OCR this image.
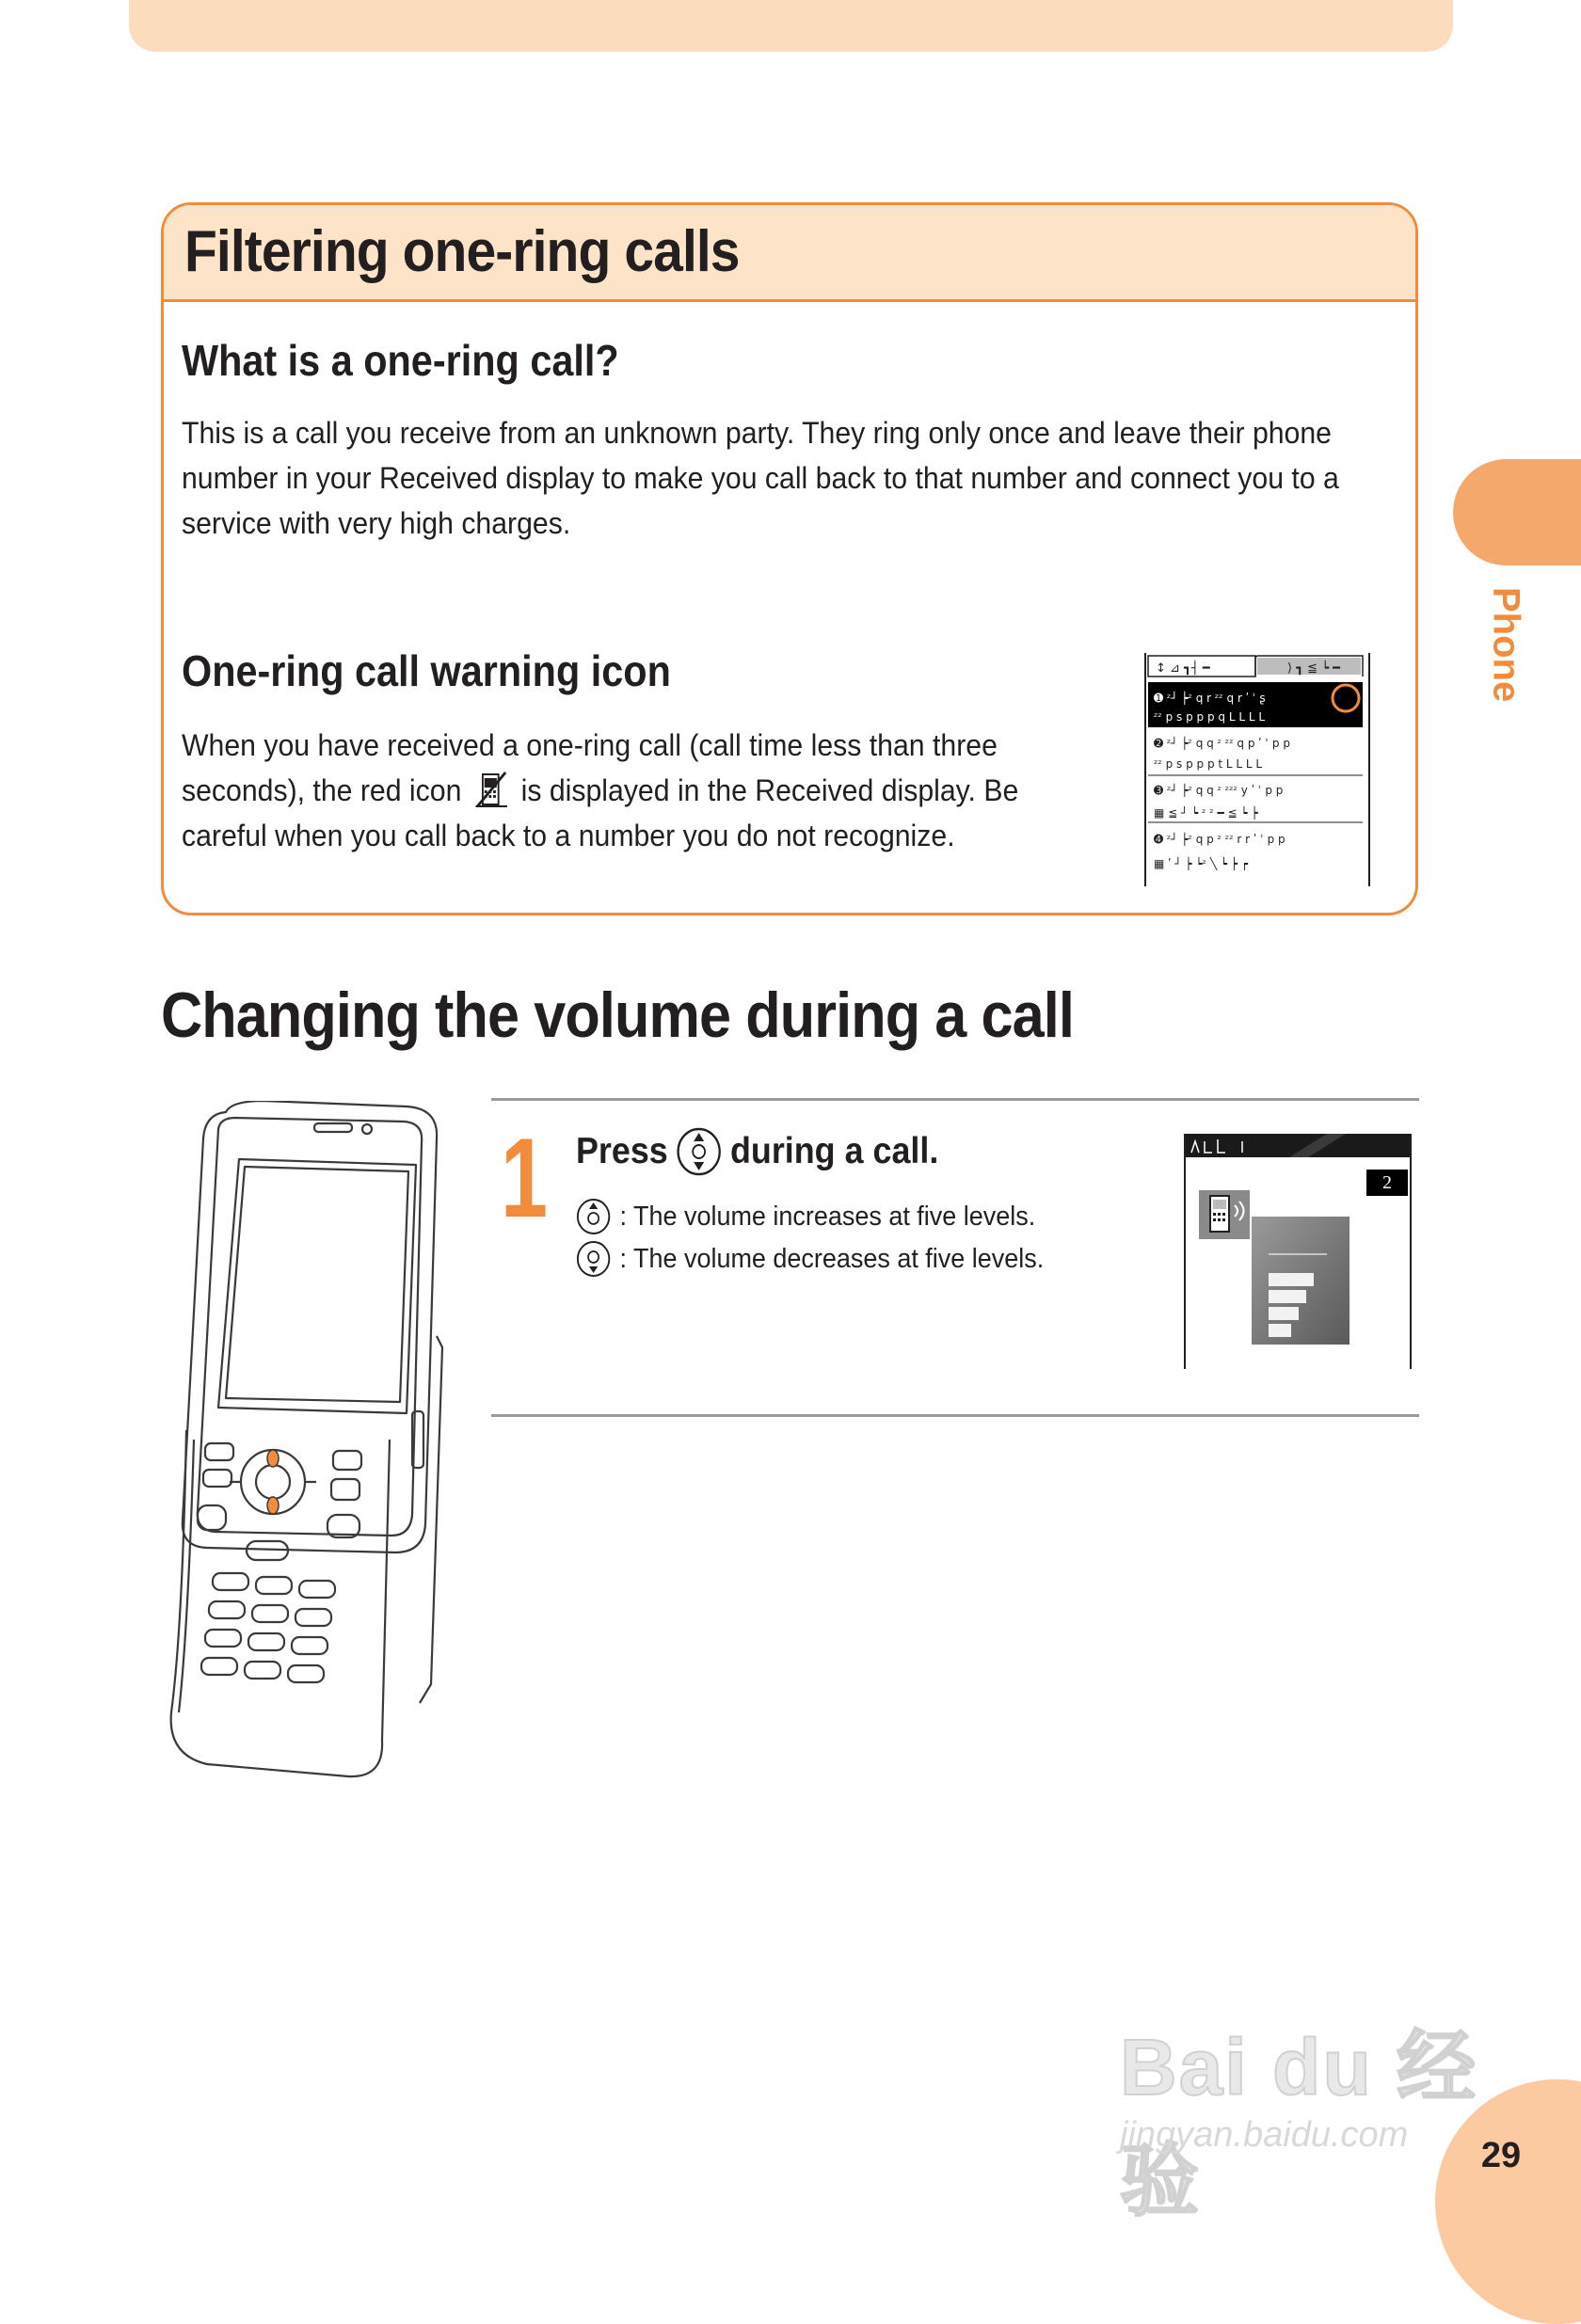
Phone
Filtering one-ring calls
What is a one-ring call?
This is a call you receive from an unknown party. They ring only once and leave their phone
number in your Received display to make you call back to that number and connect you to a
service with very high charges.
One-ring call warning icon
When you have received a one-ring call (call time less than three
seconds), the red icon is displayed in the Received display. Be
careful when you call back to a number you do not recognize.
↕ ⊿ ┓┤ ━	⟩ ┓ ≦ ┕ ━
➊ ᶻ┘ ┝ᶻ q r ᶻᶻ q r ʹ ʾ ʂ
ᶻᶻ p s p p p q L L L L
➋ ᶻ┘ ┝ᶻ q q ᶻ ᶻᶻ q p ʹ ʾ p p
ᶻᶻ p s p p p t L L L L
➌ ᶻ┘ ┝ᶻ q q ᶻ ᶻᶻᶻ y ʹ ʾ p p
▦ ≦ ┘ ┕ ᶻ ᶻ ━ ≦ ┕ ┝
➍ ᶻ┘ ┝ᶻ q p ᶻ ᶻᶻ r r ʹ ʾ p p
▦ ʹ ┘ ┝ ┕ᶻ ╲ ┕ ┝ ┍
Changing the volume during a call
1 Press during a call.
: The volume increases at five levels.
: The volume decreases at five levels.
2
Bai du 经验
jingyan.baidu.com
29
